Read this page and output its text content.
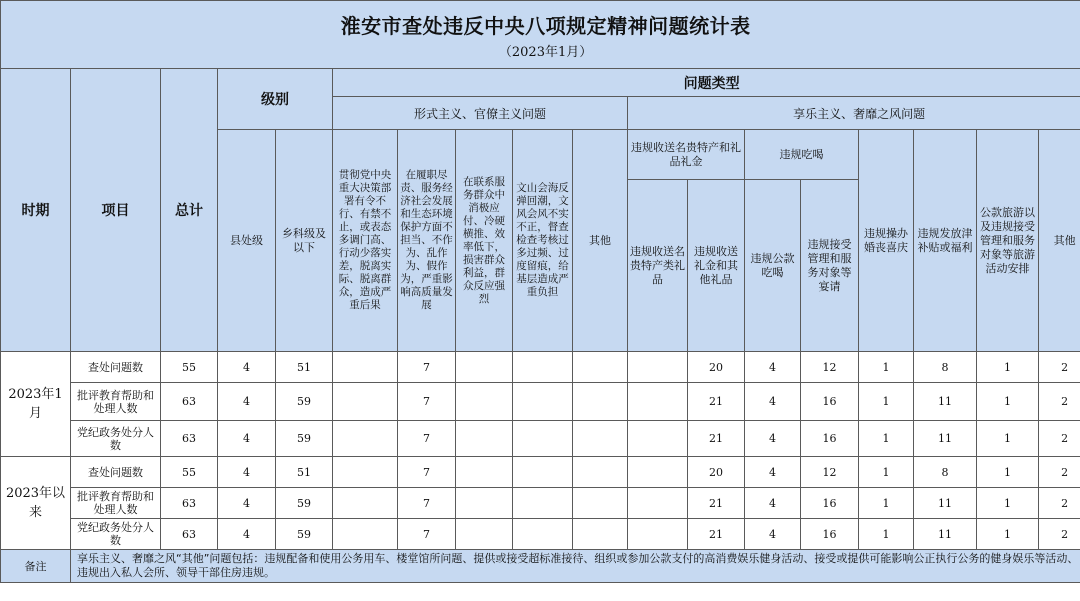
淮安市查处违反中央八项规定精神问题统计表
（2023年1月）																	

时期	项目	总计	级别		问题类型												
					形式主义、官僚主义问题					享乐主义、奢靡之风问题							
			县处级	乡科级及以下	贯彻党中央重大决策部署有令不行、有禁不止，或表态多调门高、行动少落实差，脱离实际、脱离群众，造成严重后果	在履职尽责、服务经济社会发展和生态环境保护方面不担当、不作为、乱作为、假作为，严重影响高质量发展	在联系服务群众中消极应付、冷硬横推、效率低下，损害群众利益，群众反应强烈	文山会海反弹回潮，文风会风不实不正，督查检查考核过多过频、过度留痕，给基层造成严重负担	其他	违规收送名贵特产和礼品礼金		违规吃喝		违规操办婚丧喜庆	违规发放津补贴或福利	公款旅游以及违规接受管理和服务对象等旅游活动安排	其他
										违规收送名贵特产类礼品	违规收送礼金和其他礼品	违规公款吃喝	违规接受管理和服务对象等宴请				
2023年1月	查处问题数	55	4	51		7					20	4	12	1	8	1	2
	批评教育帮助和处理人数	63	4	59		7					21	4	16	1	11	1	2
	党纪政务处分人数	63	4	59		7					21	4	16	1	11	1	2
2023年以来	查处问题数	55	4	51		7					20	4	12	1	8	1	2
	批评教育帮助和处理人数	63	4	59		7					21	4	16	1	11	1	2
	党纪政务处分人数	63	4	59		7					21	4	16	1	11	1	2
备注	享乐主义、奢靡之风“其他”问题包括：违规配备和使用公务用车、楼堂馆所问题、提供或接受超标准接待、组织或参加公款支付的高消费娱乐健身活动、接受或提供可能影响公正执行公务的健身娱乐等活动、违规出入私人会所、领导干部住房违规。																
